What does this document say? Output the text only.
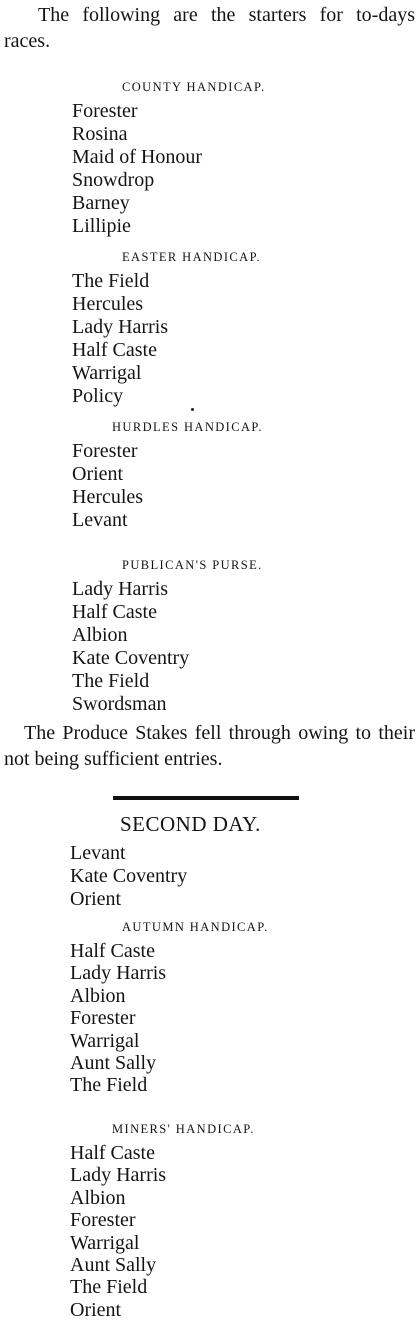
The following are the starters for to-days races.

COUNTY HANDICAP.
Forester
Rosina
Maid of Honour
Snowdrop
Barney
Lillipie
EASTER HANDICAP.
The Field
Hercules
Lady Harris
Half Caste
Warrigal
Policy
HURDLES HANDICAP.
Forester
Orient
Hercules
Levant
PUBLICAN'S PURSE.
Lady Harris
Half Caste
Albion
Kate Coventry
The Field
Swordsman

The Produce Stakes fell through owing to their not being sufficient entries.

SECOND DAY.
Levant
Kate Coventry
Orient
AUTUMN HANDICAP.
Half Caste
Lady Harris
Albion
Forester
Warrigal
Aunt Sally
The Field
MINERS' HANDICAP.
Half Caste
Lady Harris
Albion
Forester
Warrigal
Aunt Sally
The Field
Orient
